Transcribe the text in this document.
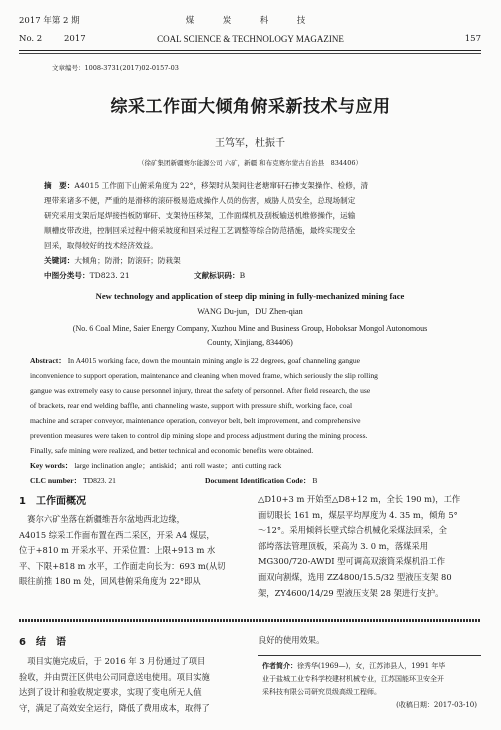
2017 年第 2 期	煤　炭　科　技
No. 2	2017	COAL SCIENCE & TECHNOLOGY MAGAZINE	157
文章编号：1008-3731(2017)02-0157-03
综采工作面大倾角俯采新技术与应用
王笃军，杜振千
（徐矿集团新疆赛尔能源公司 六矿，新疆 和布克赛尔蒙古自治县　834406）
摘　要：A4015 工作面下山俯采角度为 22°，移架时从架间往老塘窜矸石掺支架操作、检修，清
理带来诸多不便，严重的是滑移的滚矸极易造成操作人员的伤害，威胁人员安全，总现场制定
研究采用支架后尾焊接挡板防窜矸、支架待压移架，工作面煤机及刮板输送机维修操作，运输
顺槽皮带改进，控制回采过程中俯采坡度和回采过程工艺调整等综合防范措施，最终实现安全
回采，取得较好的技术经济效益。
关键词：大倾角；防滑；防滚矸；防栽架
中图分类号：TD823. 21	文献标识码：B
New technology and application of steep dip mining in fully-mechanized mining face
WANG Du-jun，DU Zhen-qian
(No. 6 Coal Mine, Saier Energy Company, Xuzhou Mine and Business Group, Hoboksar Mongol Autonomous
County, Xinjiang, 834406)
Abstract： In A4015 working face, down the mountain mining angle is 22 degrees, goaf channeling gangue
inconvenience to support operation, maintenance and cleaning when moved frame, which seriously the slip rolling
gangue was extremely easy to cause personnel injury, threat the safety of personnel. After field research, the use
of brackets, rear end welding baffle, anti channeling waste, support with pressure shift, working face, coal
machine and scraper conveyor, maintenance operation, conveyor belt, belt improvement, and comprehensive
prevention measures were taken to control dip mining slope and process adjustment during the mining process.
Finally, safe mining were realized, and better technical and economic benefits were obtained.
Key words： large inclination angle；antiskid；anti roll waste；anti cutting rack
CLC number： TD823. 21	Document Identification Code： B
1　工作面概况
　赛尔六矿坐落在新疆维吾尔盆地西北边缘，
A4015 综采工作面布置在西二采区，开采 A4 煤层，
位于+810 m 开采水平、开采位置：上限+913 m 水
平、下限+818 m 水平，工作面走向长为：693 m(从切
眼往前推 180 m 处，回风巷俯采角度为 22°即从
△D10+3 m 开始至△D8+12 m，全长 190 m)，工作
面切眼长 161 m，煤层平均厚度为 4. 35 m，倾角 5°
～12°。采用倾斜长壁式综合机械化采煤法回采，全
部垮落法管理顶板，采高为 3. 0 m，落煤采用
MG300/720-AWDI 型可调高双滚筒采煤机沿工作
面双向割煤，选用 ZZ4800/15.5/32 型液压支架 80
架，ZY4600/14/29 型液压支架 28 架进行支护。
6　结　语
　项目实施完成后，于 2016 年 3 月份通过了项目
验收，并由贾汪区供电公司同意送电使用。项目实施
达到了设计和验收规定要求，实现了变电所无人值
守，满足了高效安全运行，降低了费用成本，取得了
良好的使用效果。
作者简介：徐秀华(1969—)，女，江苏沛县人，1991 年毕
业于盐城工业专科学校建材机械专业，江苏国能环卫安全开
采科技有限公司研究员级高级工程师。
(收稿日期：2017-03-10)
